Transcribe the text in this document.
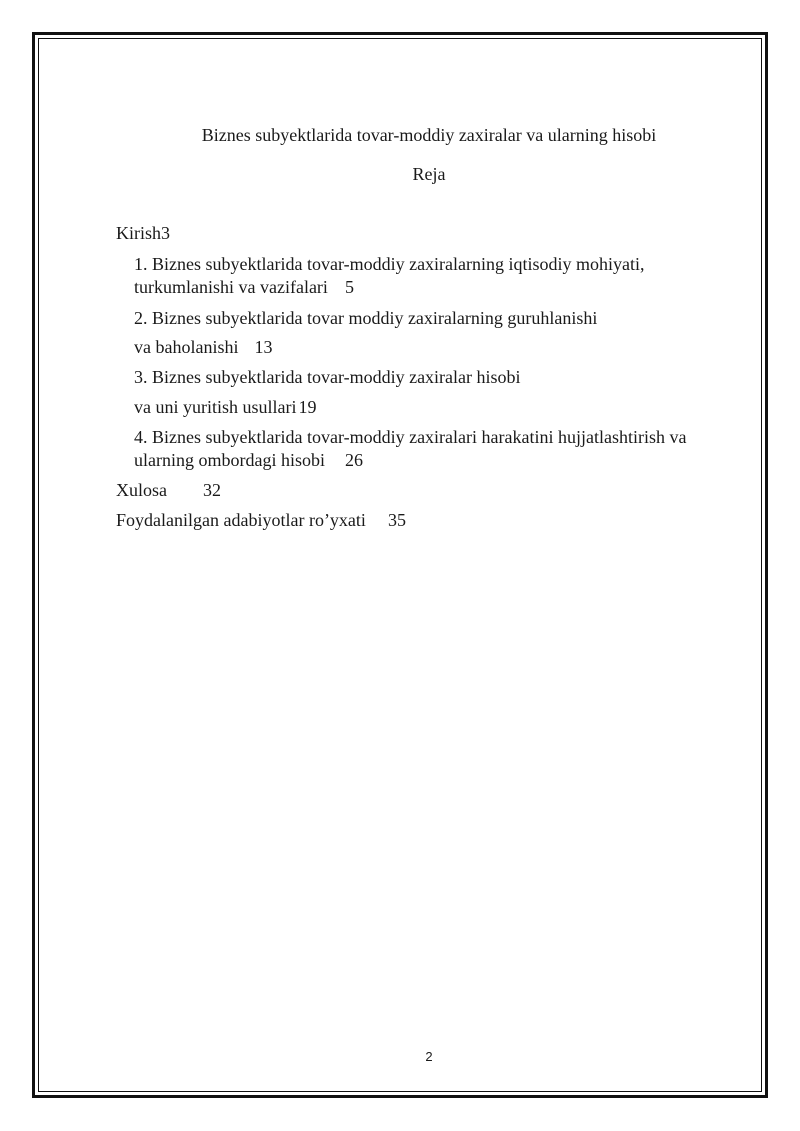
Biznes subyektlarida tovar-moddiy zaxiralar va ularning hisobi
Reja
Kirish3
1. Biznes subyektlarida tovar-moddiy zaxiralarning iqtisodiy mohiyati,
turkumlanishi va vazifalari 5
2. Biznes subyektlarida tovar moddiy zaxiralarning guruhlanishi
va baholanishi 13
3. Biznes subyektlarida tovar-moddiy zaxiralar hisobi
va uni yuritish usullari 19
4. Biznes subyektlarida tovar-moddiy zaxiralari harakatini hujjatlashtirish va
ularning ombordagi hisobi 26
Xulosa 32
Foydalanilgan adabiyotlar ro’yxati 35
2
